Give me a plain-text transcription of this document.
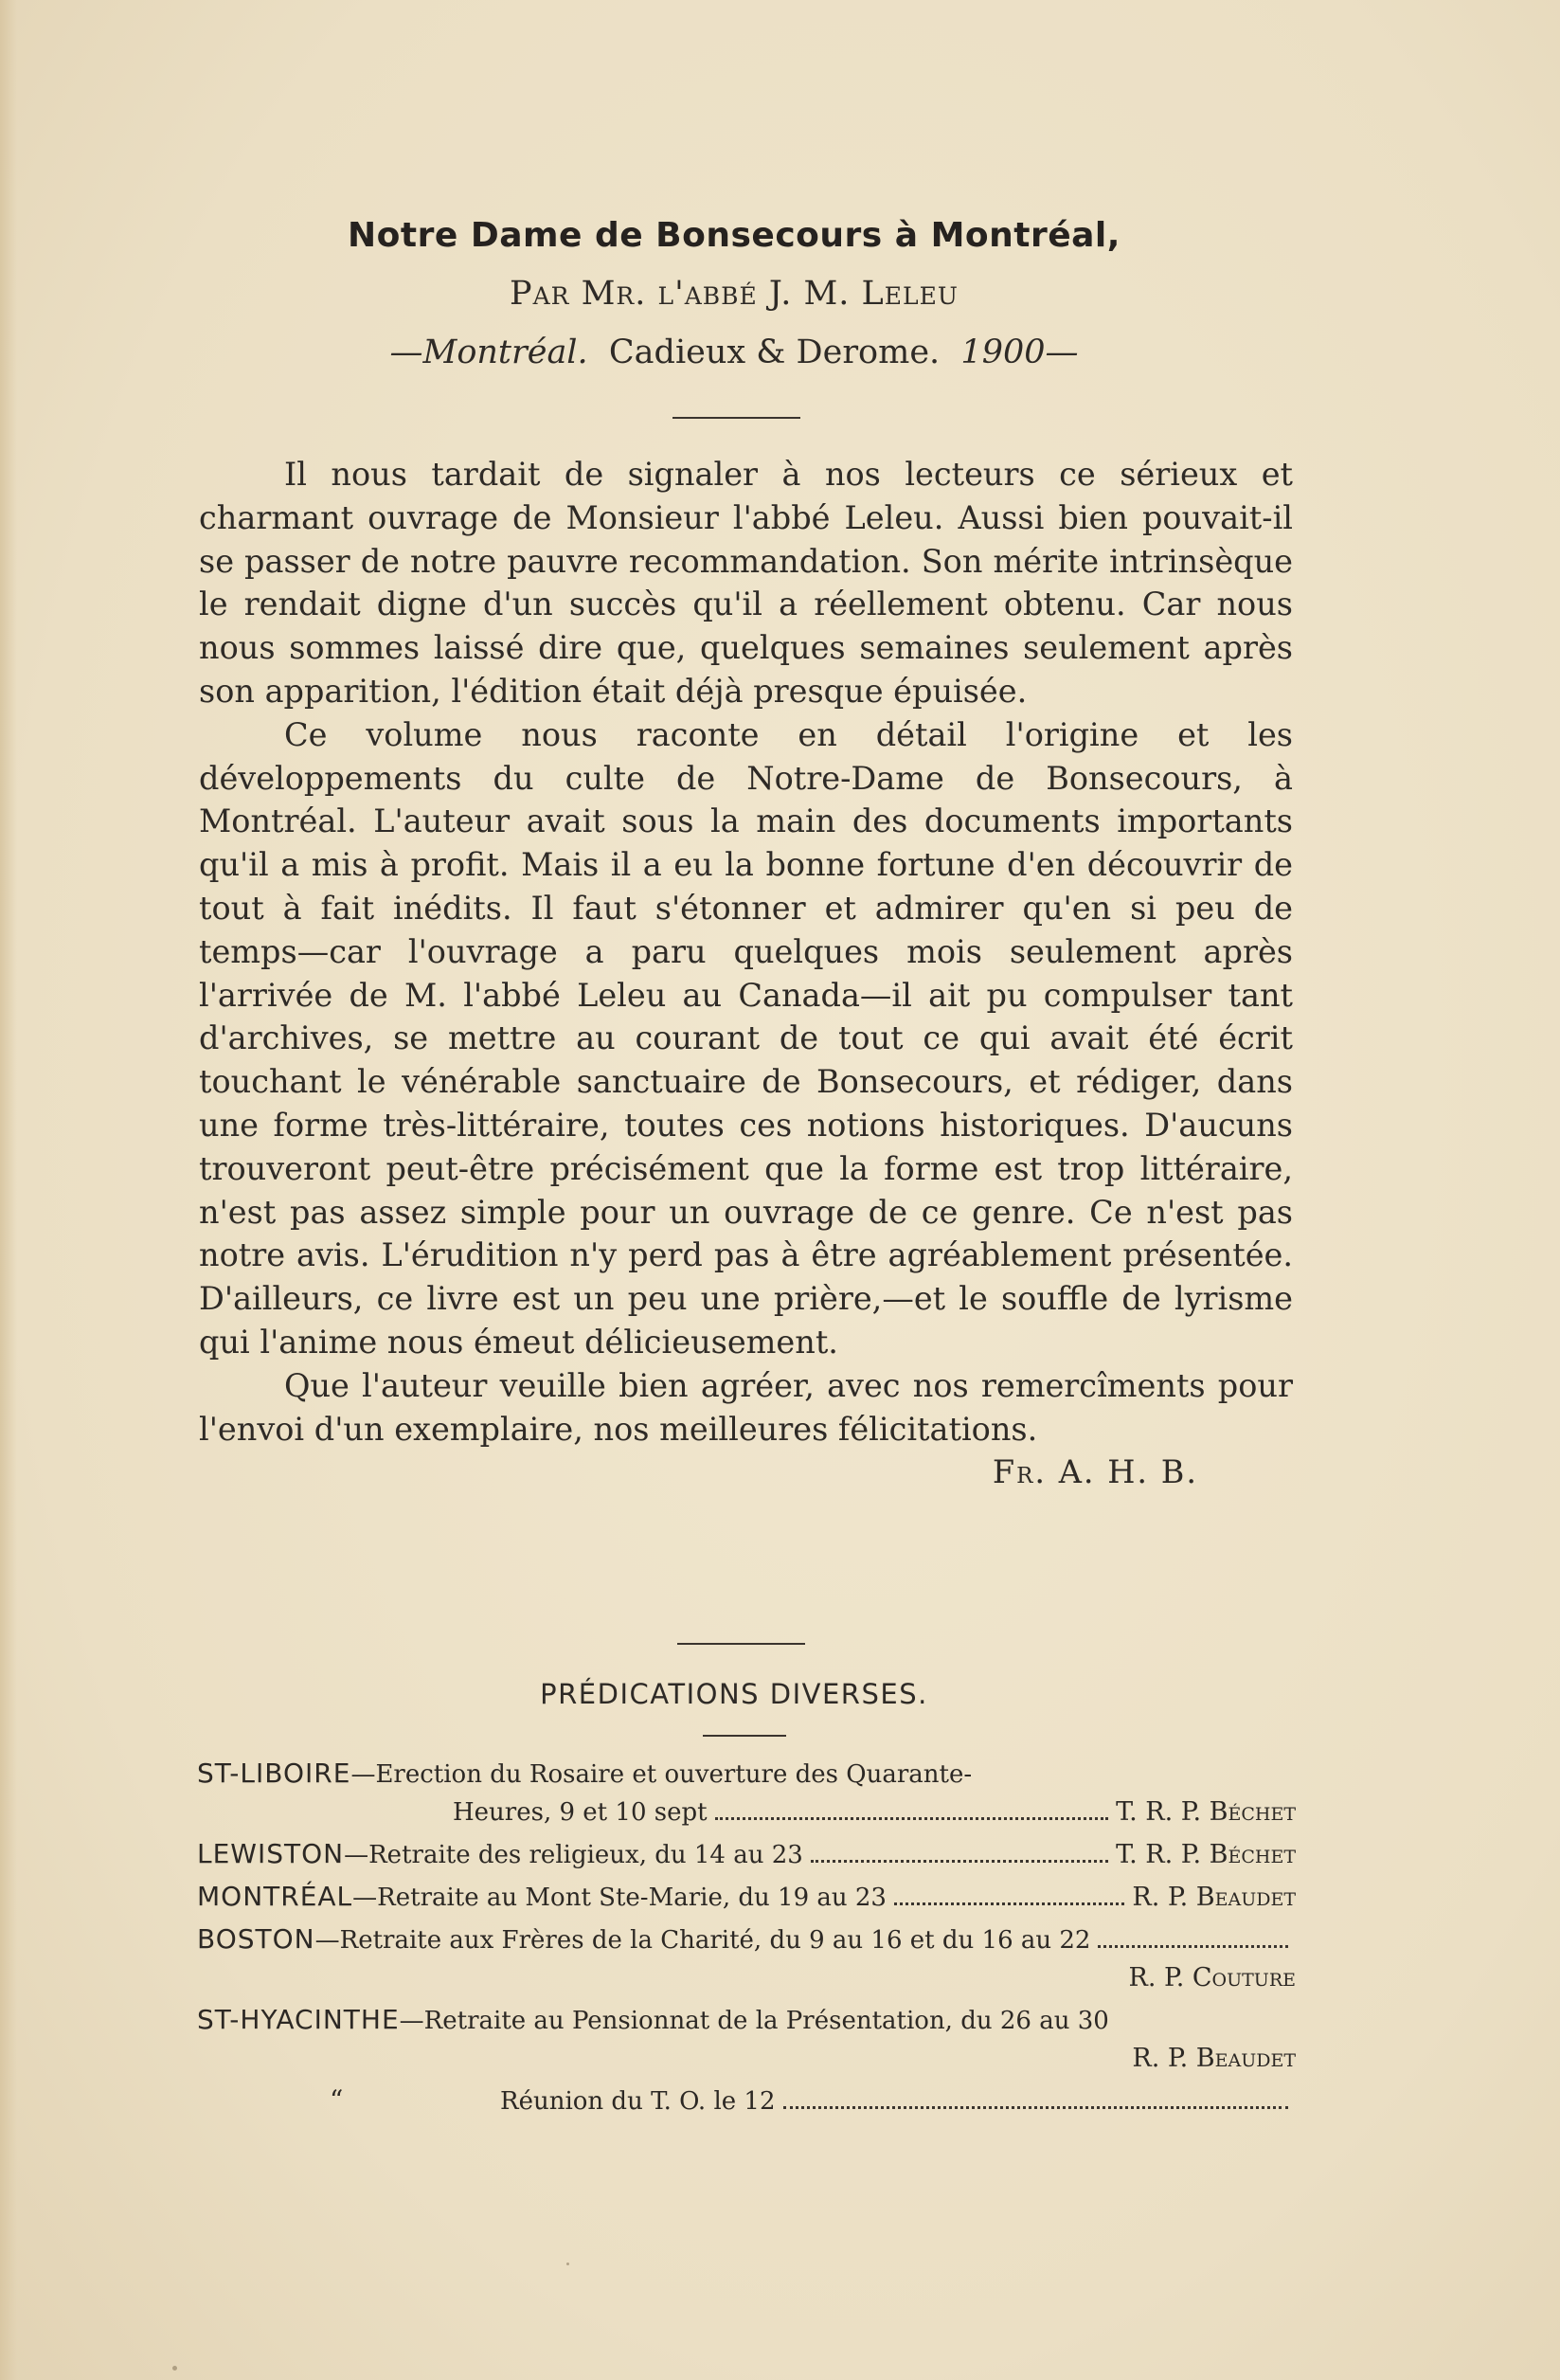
Notre Dame de Bonsecours à Montréal,
Par Mr. l'abbé J. M. Leleu
—Montréal. Cadieux & Derome. 1900—

Il nous tardait de signaler à nos lecteurs ce sérieux et charmant ouvrage de Monsieur l'abbé Leleu. Aussi bien pouvait-il se passer de notre pauvre recommandation. Son mérite intrinsèque le rendait digne d'un succès qu'il a réellement obtenu. Car nous nous sommes laissé dire que, quelques semaines seulement après son apparition, l'édition était déjà presque épuisée.

Ce volume nous raconte en détail l'origine et les développements du culte de Notre-Dame de Bonsecours, à Montréal. L'auteur avait sous la main des documents importants qu'il a mis à profit. Mais il a eu la bonne fortune d'en découvrir de tout à fait inédits. Il faut s'étonner et admirer qu'en si peu de temps—car l'ouvrage a paru quelques mois seulement après l'arrivée de M. l'abbé Leleu au Canada—il ait pu compulser tant d'archives, se mettre au courant de tout ce qui avait été écrit touchant le vénérable sanctuaire de Bonsecours, et rédiger, dans une forme très-littéraire, toutes ces notions historiques. D'aucuns trouveront peut-être précisément que la forme est trop littéraire, n'est pas assez simple pour un ouvrage de ce genre. Ce n'est pas notre avis. L'érudition n'y perd pas à être agréablement présentée. D'ailleurs, ce livre est un peu une prière,—et le souffle de lyrisme qui l'anime nous émeut délicieusement.

Que l'auteur veuille bien agréer, avec nos remercîments pour l'envoi d'un exemplaire, nos meilleures félicitations.

Fr. A. H. B.
PRÉDICATIONS DIVERSES.
ST-LIBOIRE —Erection du Rosaire et ouverture des Quarante-
Heures, 9 et 10 sept	T. R. P. Béchet
LEWISTON —Retraite des religieux, du 14 au 23	T. R. P. Béchet
MONTRÉAL —Retraite au Mont Ste-Marie, du 19 au 23	R. P. Beaudet
BOSTON —Retraite aux Frères de la Charité, du 9 au 16 et du 16 au 22
R. P. Couture
ST-HYACINTHE —Retraite au Pensionnat de la Présentation, du 26 au 30
R. P. Beaudet
“	Réunion du T. O. le 12
